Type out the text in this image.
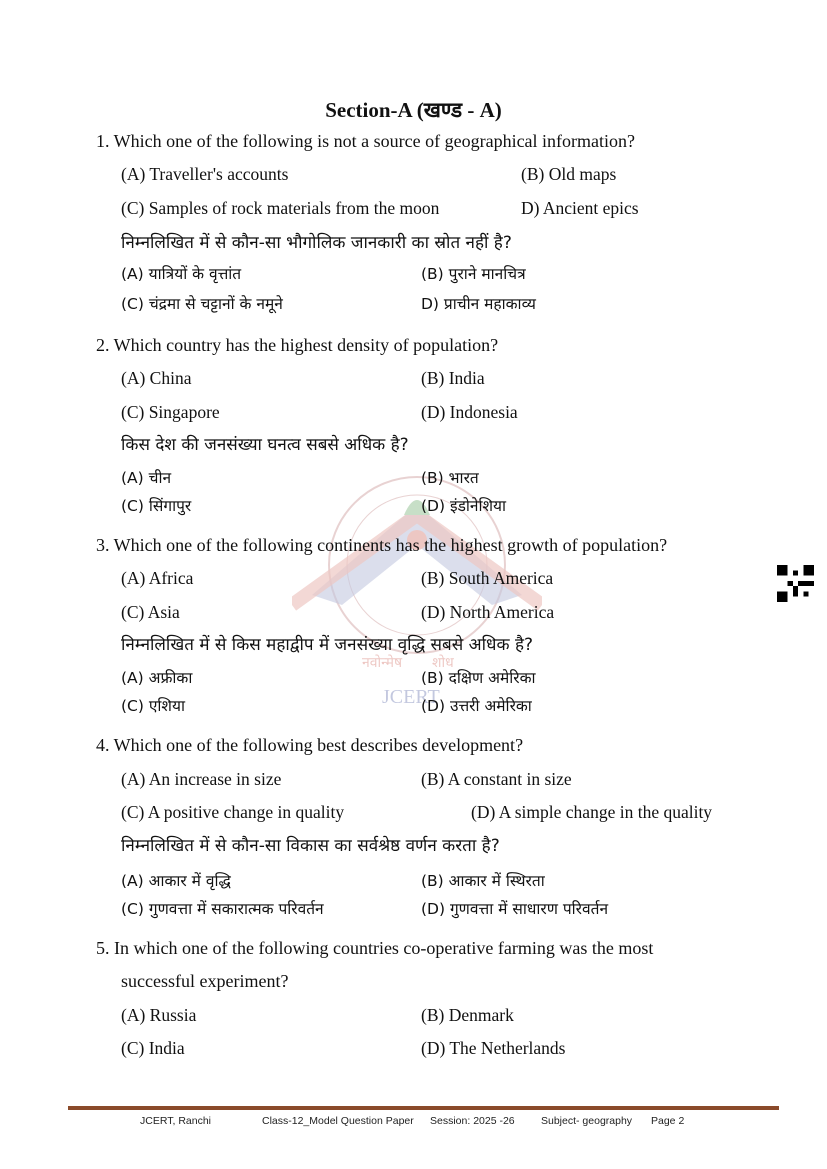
नवोन्मेष शोध
JCERT
Section-A (खण्ड - A)
1. Which one of the following is not a source of geographical information?
(A) Traveller's accounts	(B) Old maps
(C) Samples of rock materials from the moon	D) Ancient epics
निम्नलिखित में से कौन-सा भौगोलिक जानकारी का स्रोत नहीं है?
(A) यात्रियों के वृत्तांत	(B) पुराने मानचित्र
(C) चंद्रमा से चट्टानों के नमूने	D) प्राचीन महाकाव्य
2. Which country has the highest density of population?
(A) China	(B) India
(C) Singapore	(D) Indonesia
किस देश की जनसंख्या घनत्व सबसे अधिक है?
(A) चीन	(B) भारत
(C) सिंगापुर	(D) इंडोनेशिया
3. Which one of the following continents has the highest growth of population?
(A) Africa	(B) South America
(C) Asia	(D) North America
निम्नलिखित में से किस महाद्वीप में जनसंख्या वृद्धि सबसे अधिक है?
(A) अफ्रीका	(B) दक्षिण अमेरिका
(C) एशिया	(D) उत्तरी अमेरिका
4. Which one of the following best describes development?
(A) An increase in size	(B) A constant in size
(C) A positive change in quality	(D) A simple change in the quality
निम्नलिखित में से कौन-सा विकास का सर्वश्रेष्ठ वर्णन करता है?
(A) आकार में वृद्धि	(B) आकार में स्थिरता
(C) गुणवत्ता में सकारात्मक परिवर्तन	(D) गुणवत्ता में साधारण परिवर्तन
5. In which one of the following countries co-operative farming was the most
successful experiment?
(A) Russia	(B) Denmark
(C) India	(D) The Netherlands
JCERT, Ranchi	Class-12_Model Question Paper Session: 2025 -26	Subject- geography Page 2
